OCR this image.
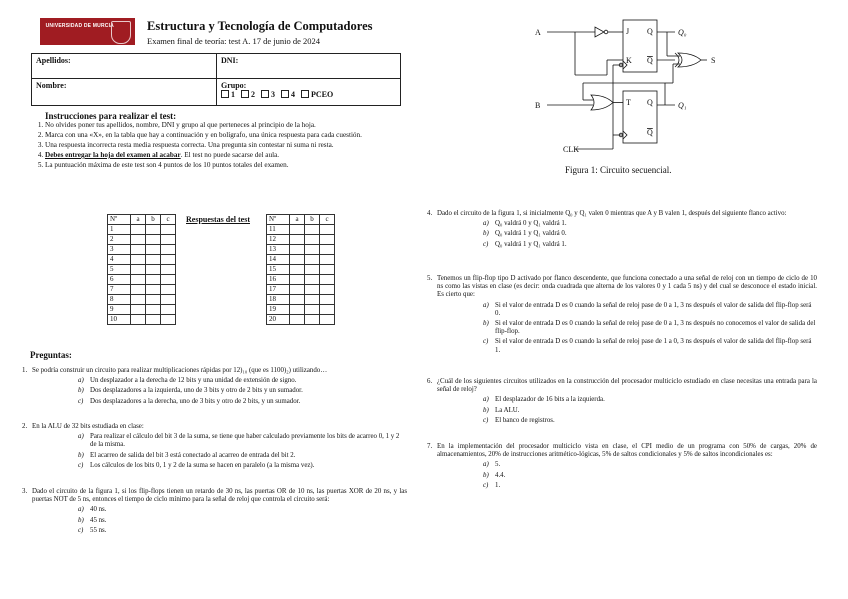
UNIVERSIDAD DE MURCIA	Estructura y Tecnología de Computadores
Examen final de teoría: test A. 17 de junio de 2024
Apellidos:	DNI:
Nombre:	Grupo:
1 2 3 4 PCEO
Instrucciones para realizar el test:
1. No olvides poner tus apellidos, nombre, DNI y grupo al que perteneces al principio de la hoja.
2. Marca con una «X», en la tabla que hay a continuación y en bolígrafo, una única respuesta para cada cuestión.
3. Una respuesta incorrecta resta media respuesta correcta. Una pregunta sin contestar ni suma ni resta.
4. Debes entregar la hoja del examen al acabar. El test no puede sacarse del aula.
5. La puntuación máxima de este test son 4 puntos de los 10 puntos totales del examen.
Nº	a	b	c
1			
2			
3			
4			
5			
6			
7			
8			
9			
10			
Respuestas del test	Nº	a	b	c
11			
12			
13			
14			
15			
16			
17			
18			
19			
20			
Preguntas:
1. Se podría construir un circuito para realizar multiplicaciones rápidas por 12)₁₀ (que es 1100)₂) utilizando…
a) Un desplazador a la derecha de 12 bits y una unidad de extensión de signo.
b) Dos desplazadores a la izquierda, uno de 3 bits y otro de 2 bits y un sumador.
c) Dos desplazadores a la derecha, uno de 3 bits y otro de 2 bits, y un sumador.
2. En la ALU de 32 bits estudiada en clase:
a) Para realizar el cálculo del bit 3 de la suma, se tiene que haber calculado previamente los bits de acarreo 0, 1 y 2 de la misma.
b) El acarreo de salida del bit 3 está conectado al acarreo de entrada del bit 2.
c) Los cálculos de los bits 0, 1 y 2 de la suma se hacen en paralelo (a la misma vez).
3. Dado el circuito de la figura 1, si los flip-flops tienen un retardo de 30 ns, las puertas OR de 10 ns, las puertas XOR de 20 ns, y las puertas NOT de 5 ns, entonces el tiempo de ciclo mínimo para la señal de reloj que controla el circuito será:
a) 40 ns.
b) 45 ns.
c) 55 ns.
4. Dado el circuito de la figura 1, si inicialmente Q₀ y Q₁ valen 0 mientras que A y B valen 1, después del siguiente flanco activo:
a) Q₀ valdrá 0 y Q₁ valdrá 1.
b) Q₀ valdrá 1 y Q₁ valdrá 0.
c) Q₀ valdrá 1 y Q₁ valdrá 1.
5. Tenemos un flip-flop tipo D activado por flanco descendente, que funciona conectado a una señal de reloj con un tiempo de ciclo de 10 ns como las vistas en clase (es decir: onda cuadrada que alterna de los valores 0 y 1 cada 5 ns) y del cual se desconoce el estado inicial. Es cierto que:
a) Si el valor de entrada D es 0 cuando la señal de reloj pase de 0 a 1, 3 ns después el valor de salida del flip-flop será 0.
b) Si el valor de entrada D es 0 cuando la señal de reloj pase de 0 a 1, 3 ns después no conocemos el valor de salida del flip-flop.
c) Si el valor de entrada D es 0 cuando la señal de reloj pase de 1 a 0, 3 ns después el valor de salida del flip-flop será 1.
6. ¿Cuál de los siguientes circuitos utilizados en la construcción del procesador multiciclo estudiado en clase necesitas una entrada para la señal de reloj?
a) El desplazador de 16 bits a la izquierda.
b) La ALU.
c) El banco de registros.
7. En la implementación del procesador multiciclo vista en clase, el CPI medio de un programa con 50% de cargas, 20% de almacenamientos, 20% de instrucciones aritmético-lógicas, 5% de saltos condicionales y 5% de saltos incondicionales es:
a) 5.
b) 4.4.
c) 1.
A
B
CLK
J
K
Q
Q
T Q
Q
Q₀
Q₁
S
Figura 1: Circuito secuencial.
